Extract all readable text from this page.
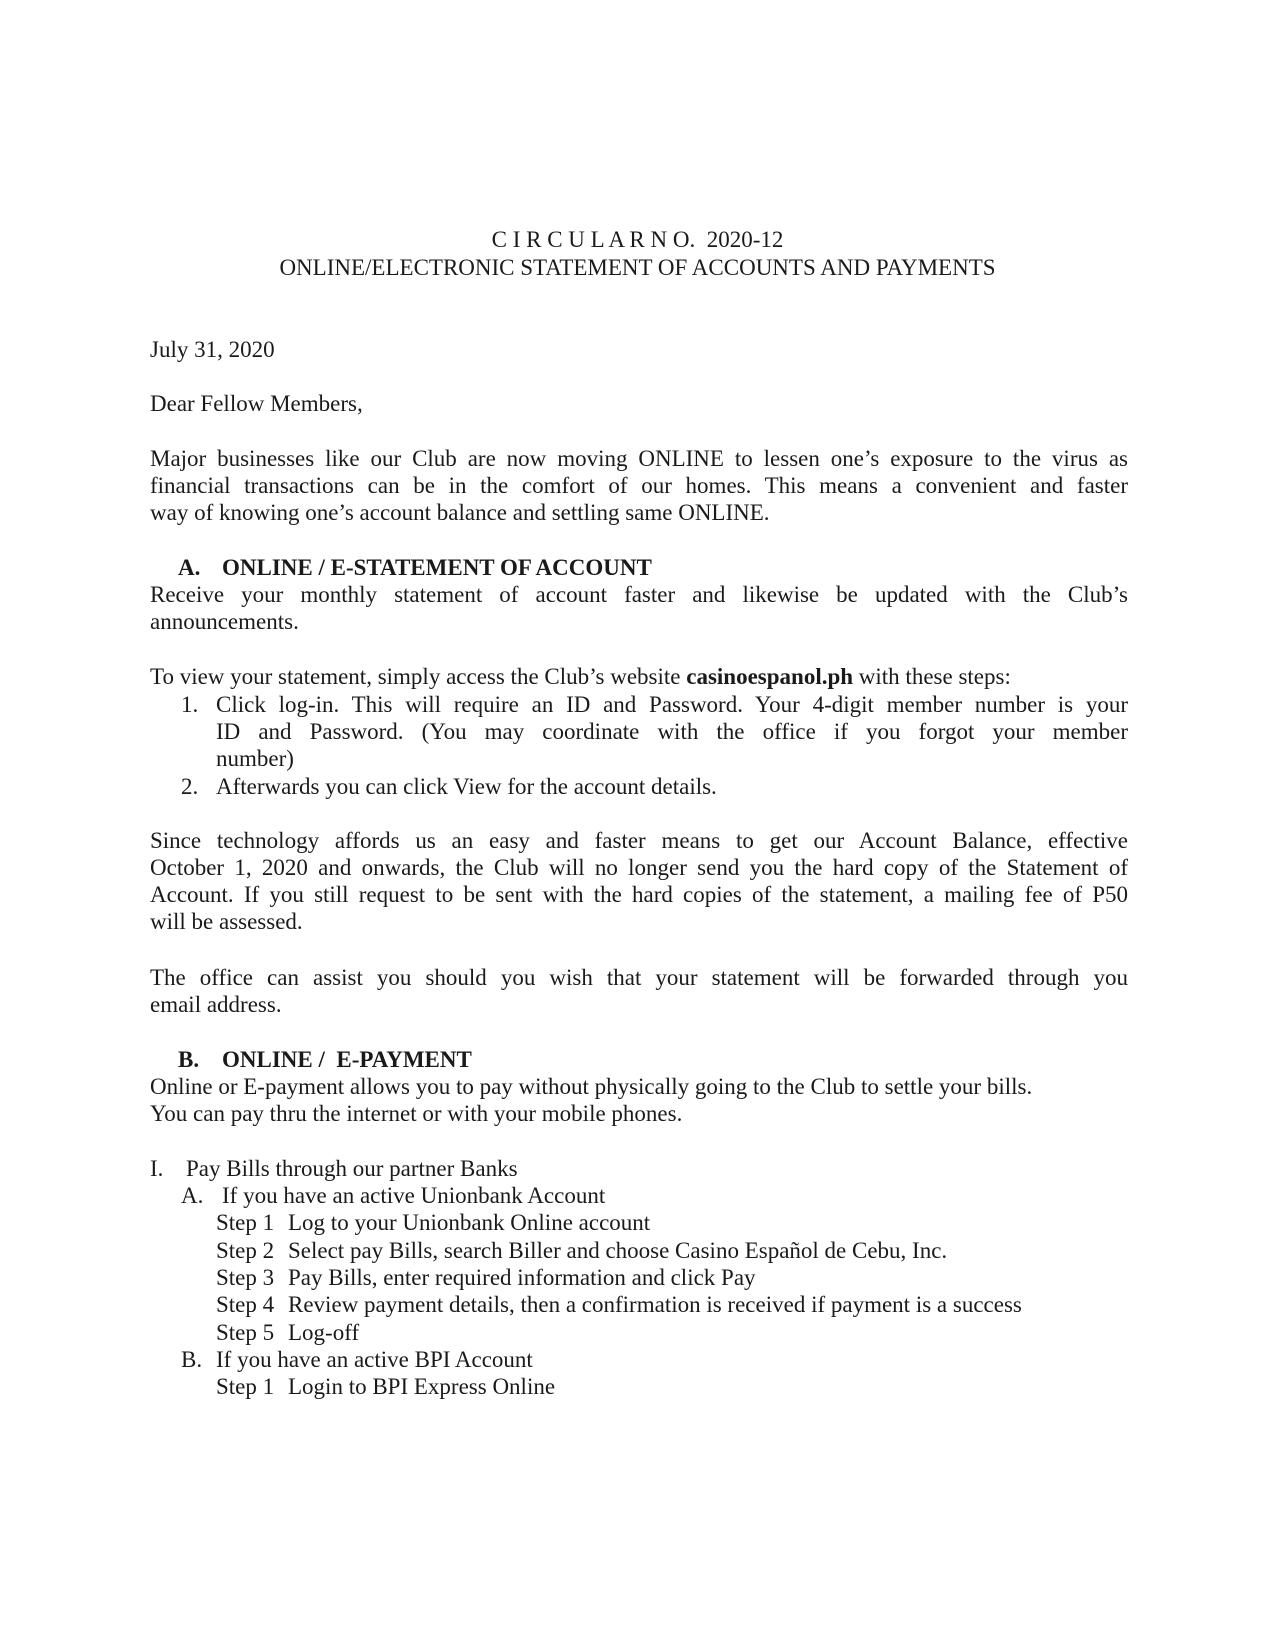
C I R C U L A R N O.  2020-12
ONLINE/ELECTRONIC STATEMENT OF ACCOUNTS AND PAYMENTS
July 31, 2020
Dear Fellow Members,
Major businesses like our Club are now moving ONLINE to lessen one’s exposure to the virus as
financial transactions can be in the comfort of our homes. This means a convenient and faster
way of knowing one’s account balance and settling same ONLINE.
A. ONLINE / E-STATEMENT OF ACCOUNT
Receive your monthly statement of account faster and likewise be updated with the Club’s
announcements.
To view your statement, simply access the Club’s website casinoespanol.ph with these steps:
1. Click log-in. This will require an ID and Password. Your 4-digit member number is your
ID and Password. (You may coordinate with the office if you forgot your member
number)
2. Afterwards you can click View for the account details.
Since technology affords us an easy and faster means to get our Account Balance, effective
October 1, 2020 and onwards, the Club will no longer send you the hard copy of the Statement of
Account. If you still request to be sent with the hard copies of the statement, a mailing fee of P50
will be assessed.
The office can assist you should you wish that your statement will be forwarded through you
email address.
B. ONLINE /  E-PAYMENT
Online or E-payment allows you to pay without physically going to the Club to settle your bills.
You can pay thru the internet or with your mobile phones.
I. Pay Bills through our partner Banks
A. If you have an active Unionbank Account
Step 1 Log to your Unionbank Online account
Step 2 Select pay Bills, search Biller and choose Casino Español de Cebu, Inc.
Step 3 Pay Bills, enter required information and click Pay
Step 4 Review payment details, then a confirmation is received if payment is a success
Step 5 Log-off
B. If you have an active BPI Account
Step 1 Login to BPI Express Online
